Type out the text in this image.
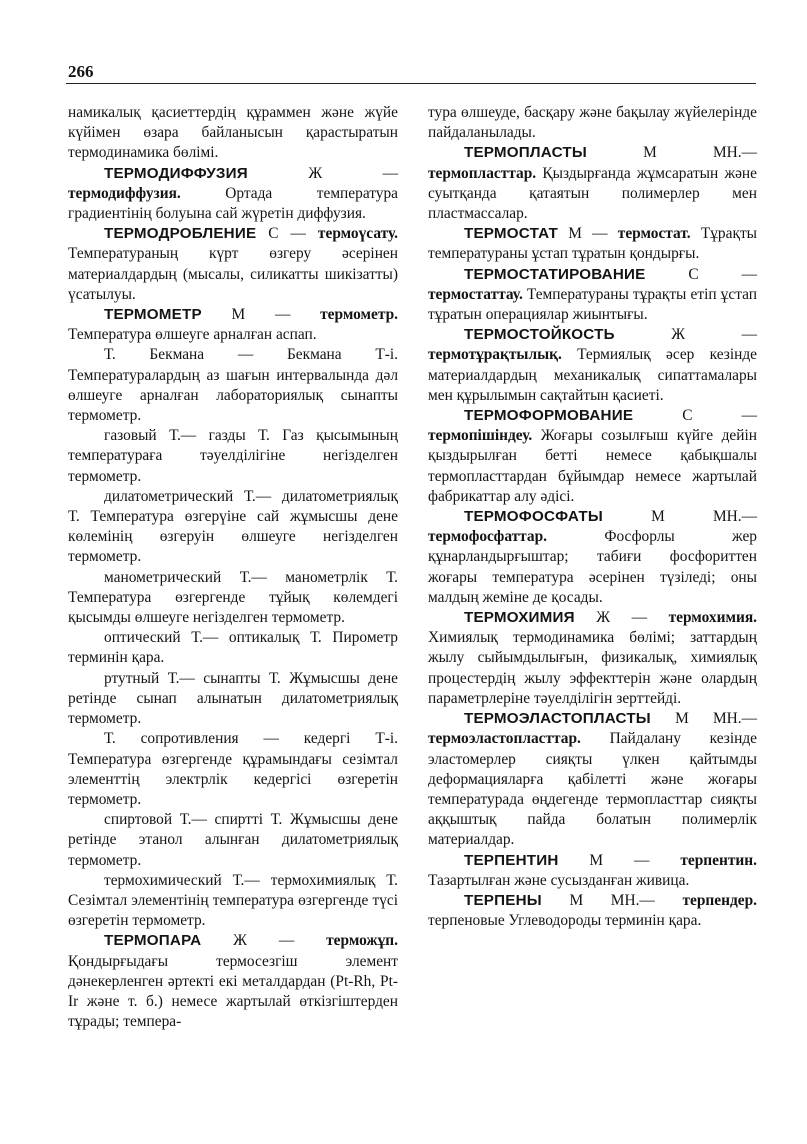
266

намикалық қасиеттердің құраммен және жүйе күйімен өзара байланысын қарастыратын термодинамика бөлімі.

ТЕРМОДИФФУЗИЯ Ж — термодиффузия. Ортада температура градиентінің болуына сай жүретін диффузия.

ТЕРМОДРОБЛЕНИЕ С — термоүсату. Температураның күрт өзгеру әсерінен материалдардың (мысалы, силикатты шикізатты) үсатылуы.

ТЕРМОМЕТР М — термометр. Температура өлшеуге арналған аспап.

Т. Бекмана — Бекмана Т-і. Температуралардың аз шағын интервалында дәл өлшеуге арналған лабораториялық сынапты термометр.

газовый Т.— газды Т. Газ қысымының температураға тәуелділігіне негізделген термометр.

дилатометрический Т.— дилатометриялық Т. Температура өзгерүіне сай жұмысшы дене көлемінің өзгеруін өлшеуге негізделген термометр.

манометрический Т.— манометрлік Т. Температура өзгергенде тұйық көлемдегі қысымды өлшеуге негізделген термометр.

оптический Т.— оптикалық Т. Пирометр терминін қара.

ртутный Т.— сынапты Т. Жұмысшы дене ретінде сынап алынатын дилатометриялық термометр.

Т. сопротивления — кедергі Т-і. Температура өзгергенде құрамындағы сезімтал элементтің электрлік кедергісі өзгеретін термометр.

спиртовой Т.— спиртті Т. Жұмысшы дене ретінде этанол алынған дилатометриялық термометр.

термохимический Т.— термохимиялық Т. Сезімтал элементінің температура өзгергенде түсі өзгеретін термометр.

ТЕРМОПАРА Ж — терможұп. Қондырғыдағы термосезгіш элемент дәнекерленген әртекті екі металдардан (Pt-Rh, Pt-Ir және т. б.) немесе жартылай өткізгіштерден тұрады; темпера-

тура өлшеуде, басқару және бақылау жүйелерінде пайдаланылады.

ТЕРМОПЛАСТЫ М МН.— термопласттар. Қыздырғанда жұмсаратын және суытқанда қатаятын полимерлер мен пластмассалар.

ТЕРМОСТАТ М — термостат. Тұрақты температураны ұстап тұратын қондырғы.

ТЕРМОСТАТИРОВАНИЕ С — термостаттау. Температураны тұрақты етіп ұстап тұратын операциялар жиынтығы.

ТЕРМОСТОЙКОСТЬ Ж — термотұрақтылық. Термиялық әсер кезінде материалдардың механикалық сипаттамалары мен құрылымын сақтайтын қасиеті.

ТЕРМОФОРМОВАНИЕ С — термопішіндеу. Жоғары созылғыш күйге дейін қыздырылған бетті немесе қабықшалы термопласттардан бұйымдар немесе жартылай фабрикаттар алу әдісі.

ТЕРМОФОСФАТЫ М МН.— термофосфаттар. Фосфорлы жер құнарландырғыштар; табиғи фосфориттен жоғары температура әсерінен түзіледі; оны малдың жеміне де қосады.

ТЕРМОХИМИЯ Ж — термохимия. Химиялық термодинамика бөлімі; заттардың жылу сыйымдылығын, физикалық, химиялық процестердің жылу эффекттерін және олардың параметрлеріне тәуелділігін зерттейді.

ТЕРМОЭЛАСТОПЛАСТЫ М МН.— термоэластопласттар. Пайдалану кезінде эластомерлер сияқты үлкен қайтымды деформацияларға қабілетті және жоғары температурада өңдегенде термопласттар сияқты аққыштық пайда болатын полимерлік материалдар.

ТЕРПЕНТИН М — терпентин. Тазартылған және сусызданған живица.

ТЕРПЕНЫ М МН.— терпендер. терпеновые Углеводороды терминін қара.
